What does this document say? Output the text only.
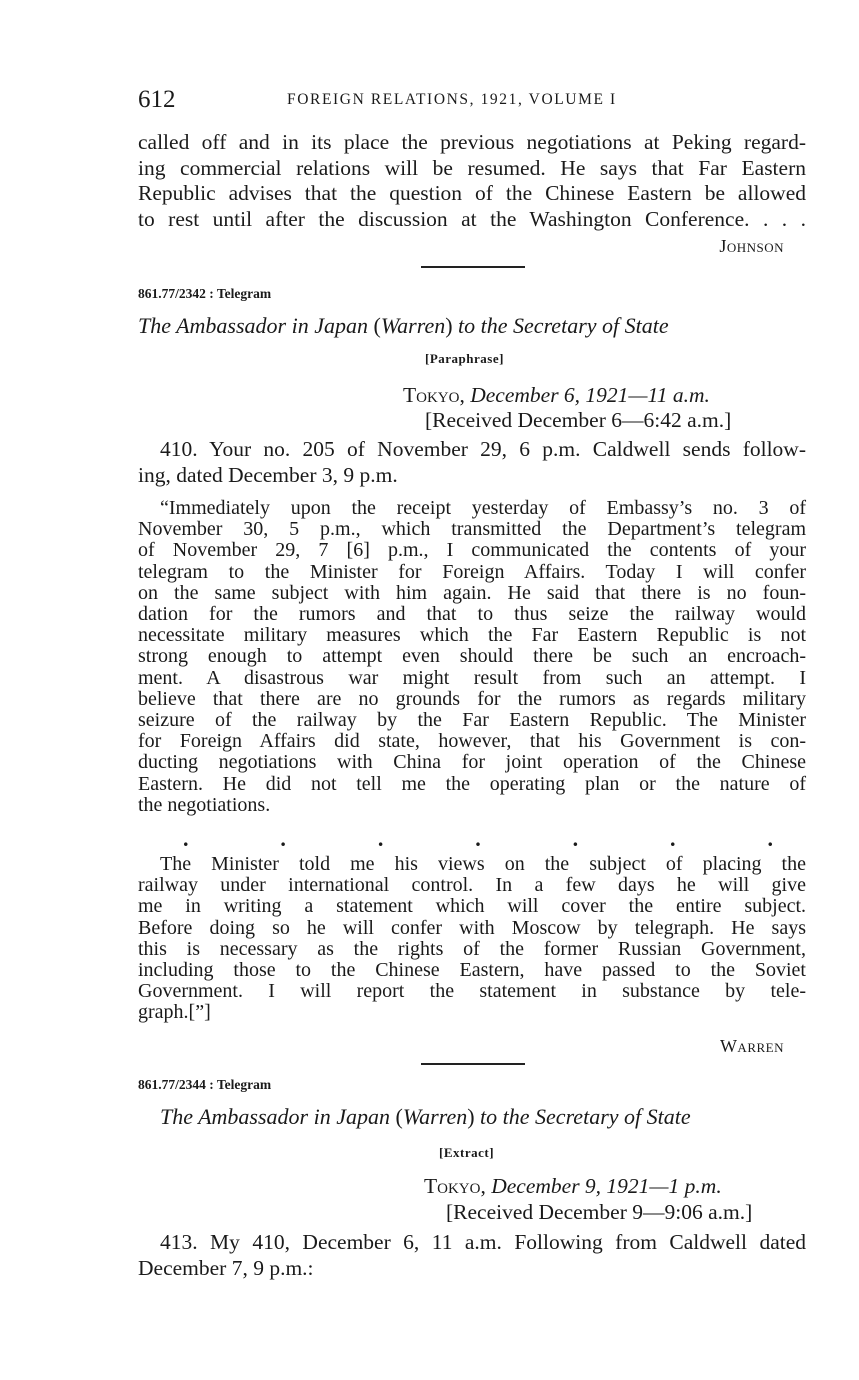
612	FOREIGN RELATIONS, 1921, VOLUME I
called off and in its place the previous negotiations at Peking regard-
ing commercial relations will be resumed. He says that Far Eastern
Republic advises that the question of the Chinese Eastern be allowed
to rest until after the discussion at the Washington Conference. . . .
Johnson
861.77/2342 : Telegram
The Ambassador in Japan (Warren) to the Secretary of State
[Paraphrase]
Tokyo, December 6, 1921—11 a.m.
[Received December 6—6:42 a.m.]
410. Your no. 205 of November 29, 6 p.m. Caldwell sends follow-
ing, dated December 3, 9 p.m.
“Immediately upon the receipt yesterday of Embassy’s no. 3 of
November 30, 5 p.m., which transmitted the Department’s telegram
of November 29, 7 [6] p.m., I communicated the contents of your
telegram to the Minister for Foreign Affairs. Today I will confer
on the same subject with him again. He said that there is no foun-
dation for the rumors and that to thus seize the railway would
necessitate military measures which the Far Eastern Republic is not
strong enough to attempt even should there be such an encroach-
ment. A disastrous war might result from such an attempt. I
believe that there are no grounds for the rumors as regards military
seizure of the railway by the Far Eastern Republic. The Minister
for Foreign Affairs did state, however, that his Government is con-
ducting negotiations with China for joint operation of the Chinese
Eastern. He did not tell me the operating plan or the nature of
the negotiations.
.	.	.	.	.	.	.
The Minister told me his views on the subject of placing the
railway under international control. In a few days he will give
me in writing a statement which will cover the entire subject.
Before doing so he will confer with Moscow by telegraph. He says
this is necessary as the rights of the former Russian Government,
including those to the Chinese Eastern, have passed to the Soviet
Government. I will report the statement in substance by tele-
graph.[”]
Warren
861.77/2344 : Telegram
The Ambassador in Japan (Warren) to the Secretary of State
[Extract]
Tokyo, December 9, 1921—1 p.m.
[Received December 9—9:06 a.m.]
413. My 410, December 6, 11 a.m. Following from Caldwell dated
December 7, 9 p.m.:
